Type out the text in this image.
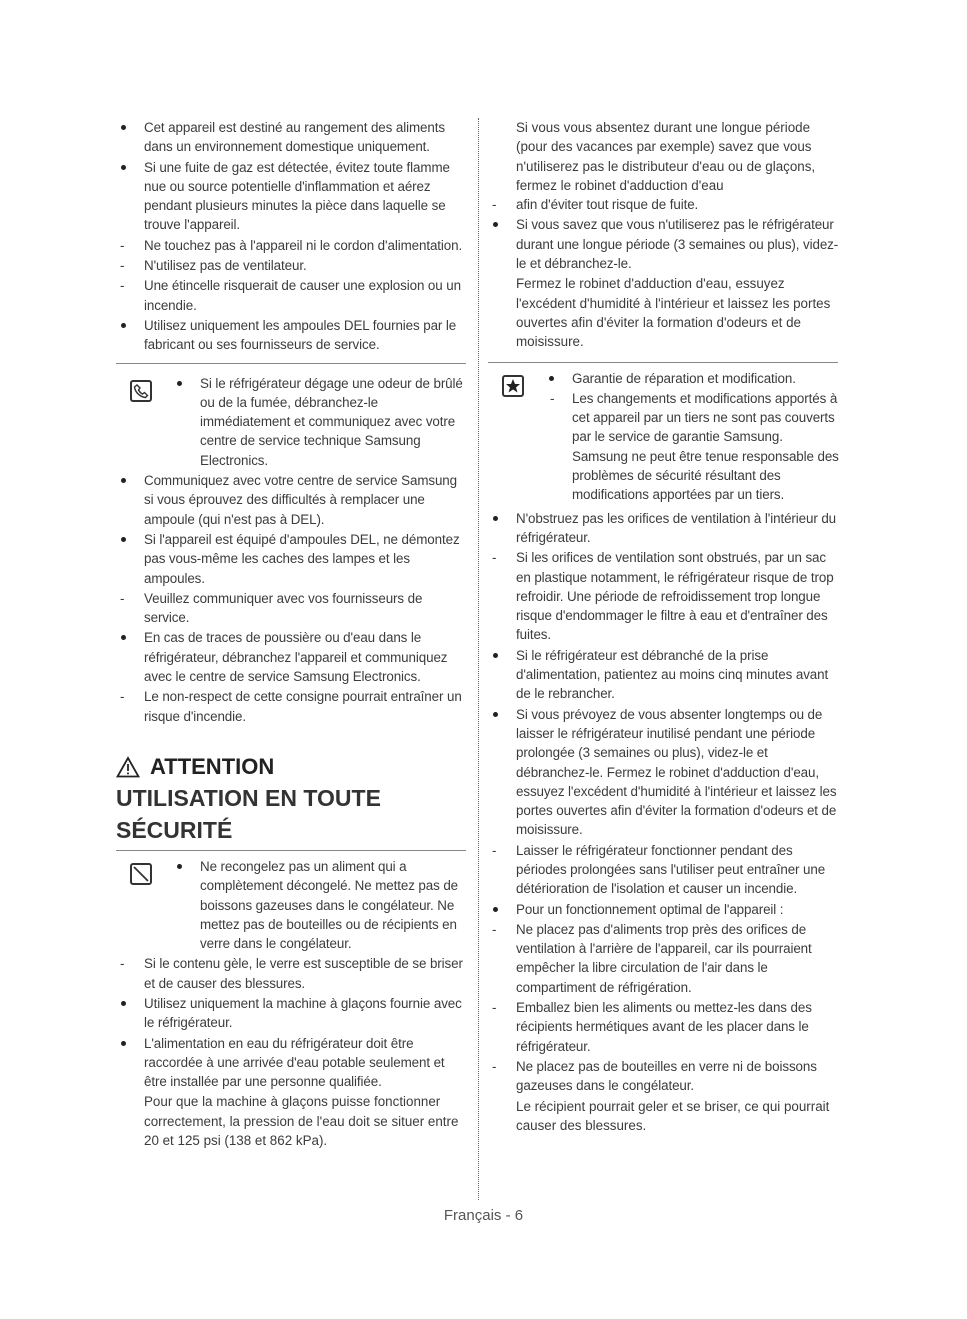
Cet appareil est destiné au rangement des aliments dans un environnement domestique uniquement.
Si une fuite de gaz est détectée, évitez toute flamme nue ou source potentielle d'inflammation et aérez pendant plusieurs minutes la pièce dans laquelle se trouve l'appareil.
- Ne touchez pas à l'appareil ni le cordon d'alimentation.
- N'utilisez pas de ventilateur.
- Une étincelle risquerait de causer une explosion ou un incendie.
Utilisez uniquement les ampoules DEL fournies par le fabricant ou ses fournisseurs de service.
Si le réfrigérateur dégage une odeur de brûlé ou de la fumée, débranchez-le immédiatement et communiquez avec votre centre de service technique Samsung Electronics.
Communiquez avec votre centre de service Samsung si vous éprouvez des difficultés à remplacer une ampoule (qui n'est pas à DEL).
Si l'appareil est équipé d'ampoules DEL, ne démontez pas vous-même les caches des lampes et les ampoules.
- Veuillez communiquer avec vos fournisseurs de service.
En cas de traces de poussière ou d'eau dans le réfrigérateur, débranchez l'appareil et communiquez avec le centre de service Samsung Electronics.
- Le non-respect de cette consigne pourrait entraîner un risque d'incendie.
ATTENTION
UTILISATION EN TOUTE
SÉCURITÉ
Ne recongelez pas un aliment qui a complètement décongelé. Ne mettez pas de boissons gazeuses dans le congélateur. Ne mettez pas de bouteilles ou de récipients en verre dans le congélateur.
- Si le contenu gèle, le verre est susceptible de se briser et de causer des blessures.
Utilisez uniquement la machine à glaçons fournie avec le réfrigérateur.
L'alimentation en eau du réfrigérateur doit être raccordée à une arrivée d'eau potable seulement et être installée par une personne qualifiée.
Pour que la machine à glaçons puisse fonctionner correctement, la pression de l'eau doit se situer entre 20 et 125 psi (138 et 862 kPa).
Si vous vous absentez durant une longue période (pour des vacances par exemple) savez que vous n'utiliserez pas le distributeur d'eau ou de glaçons, fermez le robinet d'adduction d'eau
- afin d'éviter tout risque de fuite.
Si vous savez que vous n'utiliserez pas le réfrigérateur durant une longue période (3 semaines ou plus), videz-le et débranchez-le.
Fermez le robinet d'adduction d'eau, essuyez l'excédent d'humidité à l'intérieur et laissez les portes ouvertes afin d'éviter la formation d'odeurs et de moisissure.
Garantie de réparation et modification.
- Les changements et modifications apportés à cet appareil par un tiers ne sont pas couverts par le service de garantie Samsung. Samsung ne peut être tenue responsable des problèmes de sécurité résultant des modifications apportées par un tiers.
N'obstruez pas les orifices de ventilation à l'intérieur du réfrigérateur.
- Si les orifices de ventilation sont obstrués, par un sac en plastique notamment, le réfrigérateur risque de trop refroidir. Une période de refroidissement trop longue risque d'endommager le filtre à eau et d'entraîner des fuites.
Si le réfrigérateur est débranché de la prise d'alimentation, patientez au moins cinq minutes avant de le rebrancher.
Si vous prévoyez de vous absenter longtemps ou de laisser le réfrigérateur inutilisé pendant une période prolongée (3 semaines ou plus), videz-le et débranchez-le. Fermez le robinet d'adduction d'eau, essuyez l'excédent d'humidité à l'intérieur et laissez les portes ouvertes afin d'éviter la formation d'odeurs et de moisissure.
- Laisser le réfrigérateur fonctionner pendant des périodes prolongées sans l'utiliser peut entraîner une détérioration de l'isolation et causer un incendie.
Pour un fonctionnement optimal de l'appareil :
- Ne placez pas d'aliments trop près des orifices de ventilation à l'arrière de l'appareil, car ils pourraient empêcher la libre circulation de l'air dans le compartiment de réfrigération.
- Emballez bien les aliments ou mettez-les dans des récipients hermétiques avant de les placer dans le réfrigérateur.
- Ne placez pas de bouteilles en verre ni de boissons gazeuses dans le congélateur.
Le récipient pourrait geler et se briser, ce qui pourrait causer des blessures.
Français - 6
